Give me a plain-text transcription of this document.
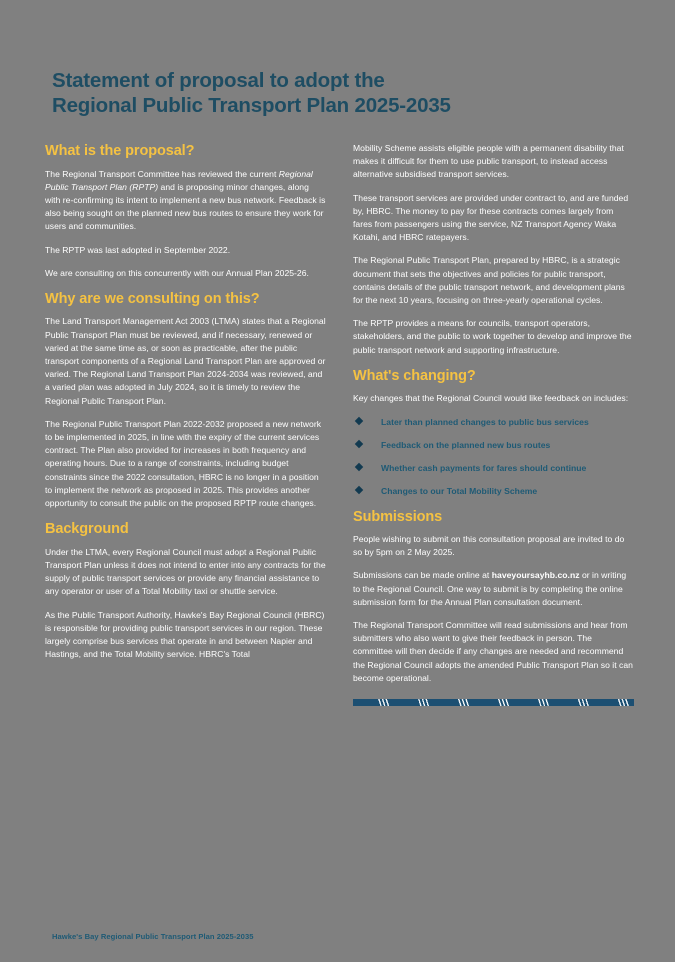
Statement of proposal to adopt the
Regional Public Transport Plan 2025-2035
What is the proposal?

The Regional Transport Committee has reviewed the current Regional Public Transport Plan (RPTP) and is proposing minor changes, along with re-confirming its intent to implement a new bus network. Feedback is also being sought on the planned new bus routes to ensure they work for users and communities.

The RPTP was last adopted in September 2022.

We are consulting on this concurrently with our Annual Plan 2025-26.

Why are we consulting on this?

The Land Transport Management Act 2003 (LTMA) states that a Regional Public Transport Plan must be reviewed, and if necessary, renewed or varied at the same time as, or soon as practicable, after the public transport components of a Regional Land Transport Plan are approved or varied. The Regional Land Transport Plan 2024-2034 was reviewed, and a varied plan was adopted in July 2024, so it is timely to review the Regional Public Transport Plan.

The Regional Public Transport Plan 2022-2032 proposed a new network to be implemented in 2025, in line with the expiry of the current services contract. The Plan also provided for increases in both frequency and operating hours. Due to a range of constraints, including budget constraints since the 2022 consultation, HBRC is no longer in a position to implement the network as proposed in 2025. This provides another opportunity to consult the public on the proposed RPTP route changes.

Background

Under the LTMA, every Regional Council must adopt a Regional Public Transport Plan unless it does not intend to enter into any contracts for the supply of public transport services or provide any financial assistance to any operator or user of a Total Mobility taxi or shuttle service.

As the Public Transport Authority, Hawke's Bay Regional Council (HBRC) is responsible for providing public transport services in our region. These largely comprise bus services that operate in and between Napier and Hastings, and the Total Mobility service. HBRC's Total

Mobility Scheme assists eligible people with a permanent disability that makes it difficult for them to use public transport, to instead access alternative subsidised transport services.

These transport services are provided under contract to, and are funded by, HBRC. The money to pay for these contracts comes largely from fares from passengers using the service, NZ Transport Agency Waka Kotahi, and HBRC ratepayers.

The Regional Public Transport Plan, prepared by HBRC, is a strategic document that sets the objectives and policies for public transport, contains details of the public transport network, and development plans for the next 10 years, focusing on three-yearly operational cycles.

The RPTP provides a means for councils, transport operators, stakeholders, and the public to work together to develop and improve the public transport network and supporting infrastructure.

What's changing?

Key changes that the Regional Council would like feedback on includes:

Later than planned changes to public bus services
Feedback on the planned new bus routes
Whether cash payments for fares should continue
Changes to our Total Mobility Scheme
Submissions

People wishing to submit on this consultation proposal are invited to do so by 5pm on 2 May 2025.

Submissions can be made online at haveyoursayhb.co.nz or in writing to the Regional Council. One way to submit is by completing the online submission form for the Annual Plan consultation document.

The Regional Transport Committee will read submissions and hear from submitters who also want to give their feedback in person. The committee will then decide if any changes are needed and recommend the Regional Council adopts the amended Public Transport Plan so it can become operational.

Hawke's Bay Regional Public Transport Plan 2025-2035
